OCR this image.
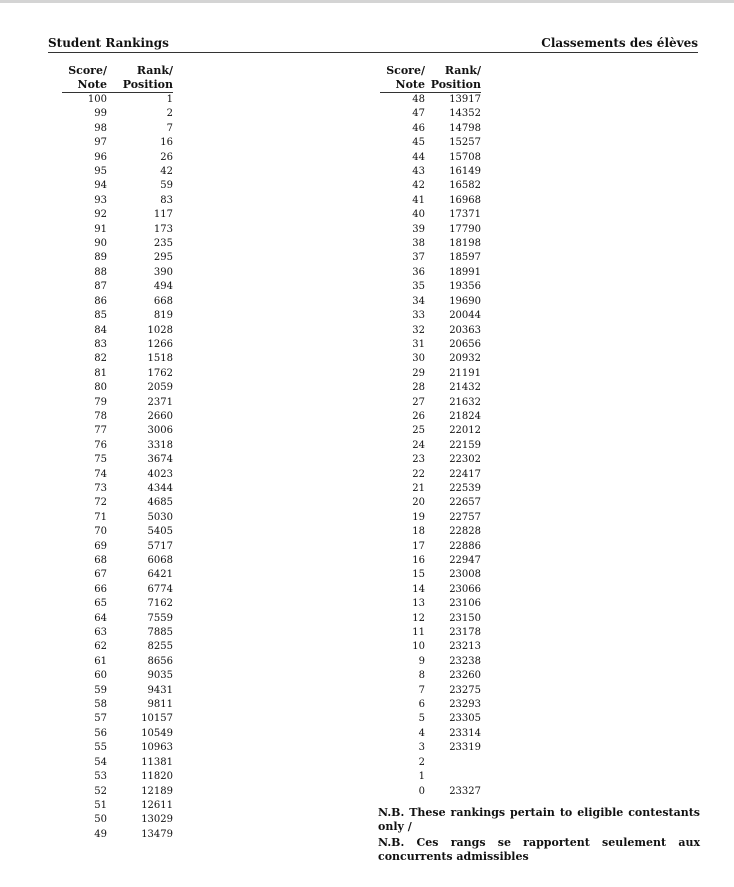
Student Rankings	Classements des élèves
Score/	Rank/
Note	Position
100	1
99	2
98	7
97	16
96	26
95	42
94	59
93	83
92	117
91	173
90	235
89	295
88	390
87	494
86	668
85	819
84	1028
83	1266
82	1518
81	1762
80	2059
79	2371
78	2660
77	3006
76	3318
75	3674
74	4023
73	4344
72	4685
71	5030
70	5405
69	5717
68	6068
67	6421
66	6774
65	7162
64	7559
63	7885
62	8255
61	8656
60	9035
59	9431
58	9811
57	10157
56	10549
55	10963
54	11381
53	11820
52	12189
51	12611
50	13029
49	13479
Score/	Rank/
Note	Position
48	13917
47	14352
46	14798
45	15257
44	15708
43	16149
42	16582
41	16968
40	17371
39	17790
38	18198
37	18597
36	18991
35	19356
34	19690
33	20044
32	20363
31	20656
30	20932
29	21191
28	21432
27	21632
26	21824
25	22012
24	22159
23	22302
22	22417
21	22539
20	22657
19	22757
18	22828
17	22886
16	22947
15	23008
14	23066
13	23106
12	23150
11	23178
10	23213
9	23238
8	23260
7	23275
6	23293
5	23305
4	23314
3	23319
2	
1	
0	23327

N.B. These rankings pertain to eligible contestants only /

N.B. Ces rangs se rapportent seulement aux concurrents admissibles
